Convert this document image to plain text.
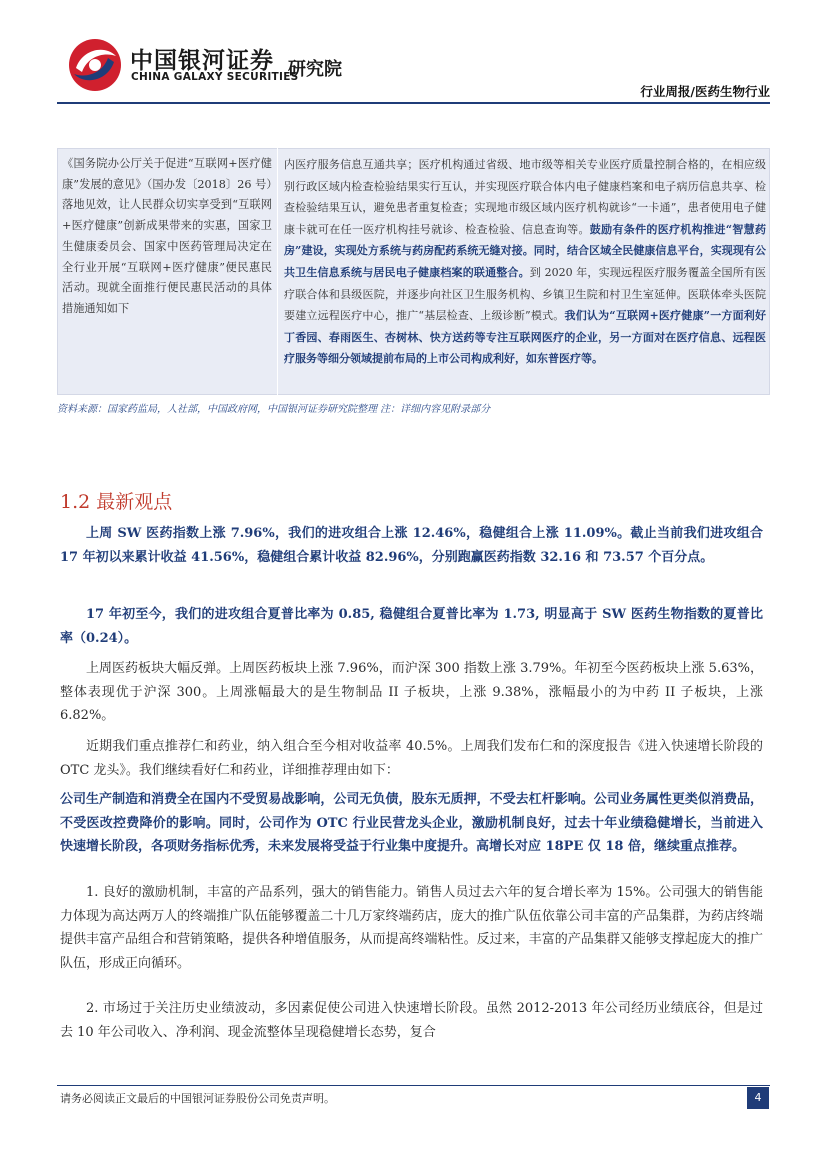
中国银河证券
CHINA GALAXY SECURITIES
研究院
行业周报/医药生物行业
《国务院办公厅关于促进“互联网+医疗健康”发展的意见》（国办发〔2018〕26 号）落地见效，让人民群众切实享受到“互联网+医疗健康”创新成果带来的实惠，国家卫生健康委员会、国家中医药管理局决定在全行业开展“互联网+医疗健康”便民惠民活动。现就全面推行便民惠民活动的具体措施通知如下
内医疗服务信息互通共享；医疗机构通过省级、地市级等相关专业医疗质量控制合格的，在相应级别行政区域内检查检验结果实行互认，并实现医疗联合体内电子健康档案和电子病历信息共享、检查检验结果互认，避免患者重复检查；实现地市级区域内医疗机构就诊“一卡通”，患者使用电子健康卡就可在任一医疗机构挂号就诊、检查检验、信息查询等。鼓励有条件的医疗机构推进“智慧药房”建设，实现处方系统与药房配药系统无缝对接。同时，结合区域全民健康信息平台，实现现有公共卫生信息系统与居民电子健康档案的联通整合。到 2020 年，实现远程医疗服务覆盖全国所有医疗联合体和县级医院，并逐步向社区卫生服务机构、乡镇卫生院和村卫生室延伸。医联体牵头医院要建立远程医疗中心，推广“基层检查、上级诊断”模式。我们认为“互联网+医疗健康”一方面利好丁香园、春雨医生、杏树林、快方送药等专注互联网医疗的企业，另一方面对在医疗信息、远程医疗服务等细分领域提前布局的上市公司构成利好，如东普医疗等。
资料来源：国家药监局，人社部，中国政府网，中国银河证券研究院整理 注：详细内容见附录部分
1.2 最新观点
上周 SW 医药指数上涨 7.96%，我们的进攻组合上涨 12.46%，稳健组合上涨 11.09%。截止当前我们进攻组合 17 年初以来累计收益 41.56%，稳健组合累计收益 82.96%，分别跑赢医药指数 32.16 和 73.57 个百分点。
17 年初至今，我们的进攻组合夏普比率为 0.85, 稳健组合夏普比率为 1.73, 明显高于 SW 医药生物指数的夏普比率（0.24）。
上周医药板块大幅反弹。上周医药板块上涨 7.96%，而沪深 300 指数上涨 3.79%。年初至今医药板块上涨 5.63%，整体表现优于沪深 300。上周涨幅最大的是生物制品 II 子板块，上涨 9.38%，涨幅最小的为中药 II 子板块，上涨 6.82%。
近期我们重点推荐仁和药业，纳入组合至今相对收益率 40.5%。上周我们发布仁和的深度报告《进入快速增长阶段的 OTC 龙头》。我们继续看好仁和药业，详细推荐理由如下：
公司生产制造和消费全在国内不受贸易战影响，公司无负债，股东无质押，不受去杠杆影响。公司业务属性更类似消费品，不受医改控费降价的影响。同时，公司作为 OTC 行业民营龙头企业，激励机制良好，过去十年业绩稳健增长，当前进入快速增长阶段，各项财务指标优秀，未来发展将受益于行业集中度提升。高增长对应 18PE 仅 18 倍，继续重点推荐。
1. 良好的激励机制，丰富的产品系列，强大的销售能力。销售人员过去六年的复合增长率为 15%。公司强大的销售能力体现为高达两万人的终端推广队伍能够覆盖二十几万家终端药店，庞大的推广队伍依靠公司丰富的产品集群，为药店终端提供丰富产品组合和营销策略，提供各种增值服务，从而提高终端粘性。反过来，丰富的产品集群又能够支撑起庞大的推广队伍，形成正向循环。
2. 市场过于关注历史业绩波动，多因素促使公司进入快速增长阶段。虽然 2012-2013 年公司经历业绩底谷，但是过去 10 年公司收入、净利润、现金流整体呈现稳健增长态势，复合
请务必阅读正文最后的中国银河证券股份公司免责声明。	4
